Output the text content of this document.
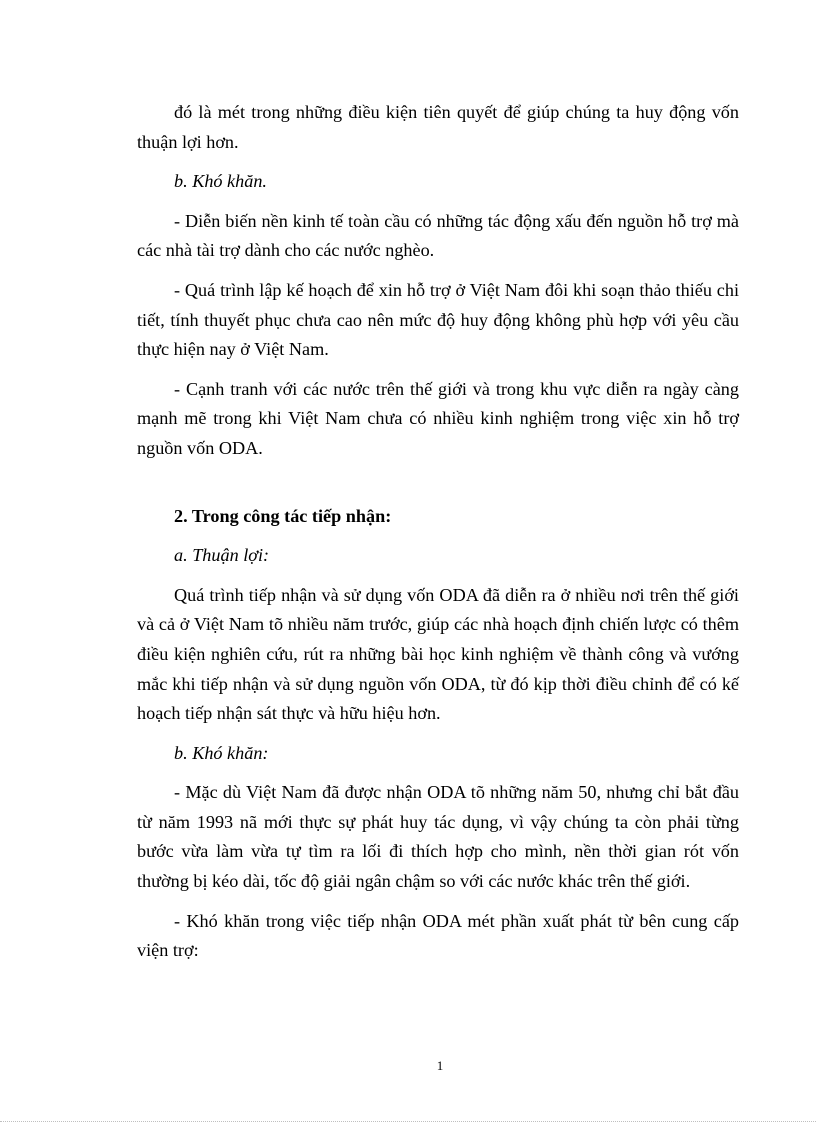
đó là mét trong những điều kiện tiên quyết để giúp chúng ta huy động vốn thuận lợi hơn.

b. Khó khăn.

- Diễn biến nền kinh tế toàn cầu có những tác động xấu đến nguồn hỗ trợ mà các nhà tài trợ dành cho các nước nghèo.

- Quá trình lập kế hoạch để xin hỗ trợ ở Việt Nam đôi khi soạn thảo thiếu chi tiết, tính thuyết phục chưa cao nên mức độ huy động không phù hợp với yêu cầu thực hiện nay ở Việt Nam.

- Cạnh tranh với các nước trên thế giới và trong khu vực diễn ra ngày càng mạnh mẽ trong khi Việt Nam chưa có nhiều kinh nghiệm trong việc xin hỗ trợ nguồn vốn ODA.

2. Trong công tác tiếp nhận:

a. Thuận lợi:

Quá trình tiếp nhận và sử dụng vốn ODA đã diễn ra ở nhiều nơi trên thế giới và cả ở Việt Nam tõ nhiều năm trước, giúp các nhà hoạch định chiến lược có thêm điều kiện nghiên cứu, rút ra những bài học kinh nghiệm về thành công và vướng mắc khi tiếp nhận và sử dụng nguồn vốn ODA, từ đó kịp thời điều chỉnh để có kế hoạch tiếp nhận sát thực và hữu hiệu hơn.

b. Khó khăn:

- Mặc dù Việt Nam đã được nhận ODA tõ những năm 50, nhưng chỉ bắt đầu từ năm 1993 nã mới thực sự phát huy tác dụng, vì vậy chúng ta còn phải từng bước vừa làm vừa tự tìm ra lối đi thích hợp cho mình, nền thời gian rót vốn thường bị kéo dài, tốc độ giải ngân chậm so với các nước khác trên thế giới.

- Khó khăn trong việc tiếp nhận ODA mét phần xuất phát từ bên cung cấp viện trợ:

1
